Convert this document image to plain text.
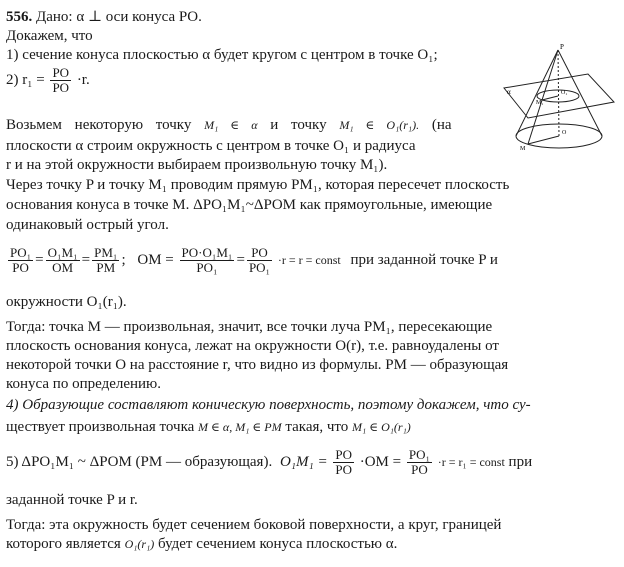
556. Дано: α ⊥ оси конуса PO.
Докажем, что
1) сечение конуса плоскостью α будет кругом с центром в точке O₁;
2) $r_1 = \frac{PO}{PO} \cdot r$.
P
α	O₁
M₁
O
M
Возьмем некоторую точку M₁ ∈ α и точку M₁ ∈ O₁(r₁). (на
плоскости α строим окружность с центром в точке O₁ и радиуса
r и на этой окружности выбираем произвольную точку M₁).
Через точку P и точку M₁ проводим прямую PM₁, которая пересечет плоскость
основания конуса в точке M. ΔPO₁M₁~ΔPOM как прямоугольные, имеющие
одинаковый острый угол.
$\frac{\text{PO₁}}{PO} = \frac{\text{O₁M₁}}{OM} = \frac{\text{PM₁}}{PM}$ ; OM = $\frac{\text{PO·O₁M₁}}{\text{PO₁}} = \frac{PO}{\text{PO₁}} \cdot r = r$ = const при заданной точке P и
окружности O₁(r₁).
Тогда: точка M — произвольная, значит, все точки луча PM₁, пересекающие
плоскость основания конуса, лежат на окружности O(r), т.е. равноудалены от
некоторой точки O на расстояние r, что видно из формулы. PM — образующая
конуса по определению.
4) Образующие составляют коническую поверхность, поэтому докажем, что су-
ществует произвольная точка M ∈ α, M₁ ∈ PM такая, что M₁ ∈ O₁(r₁)
5) ΔPO₁M₁ ~ ΔPOM (PM — образующая). $O_1M_1 = \frac{PO}{PO} \cdot OM = \frac{\text{PO₁}}{PO} \cdot r = r_1$ = const при
заданной точке P и r.
Тогда: эта окружность будет сечением боковой поверхности, а круг, границей
которого является O₁(r₁) будет сечением конуса плоскостью α.
